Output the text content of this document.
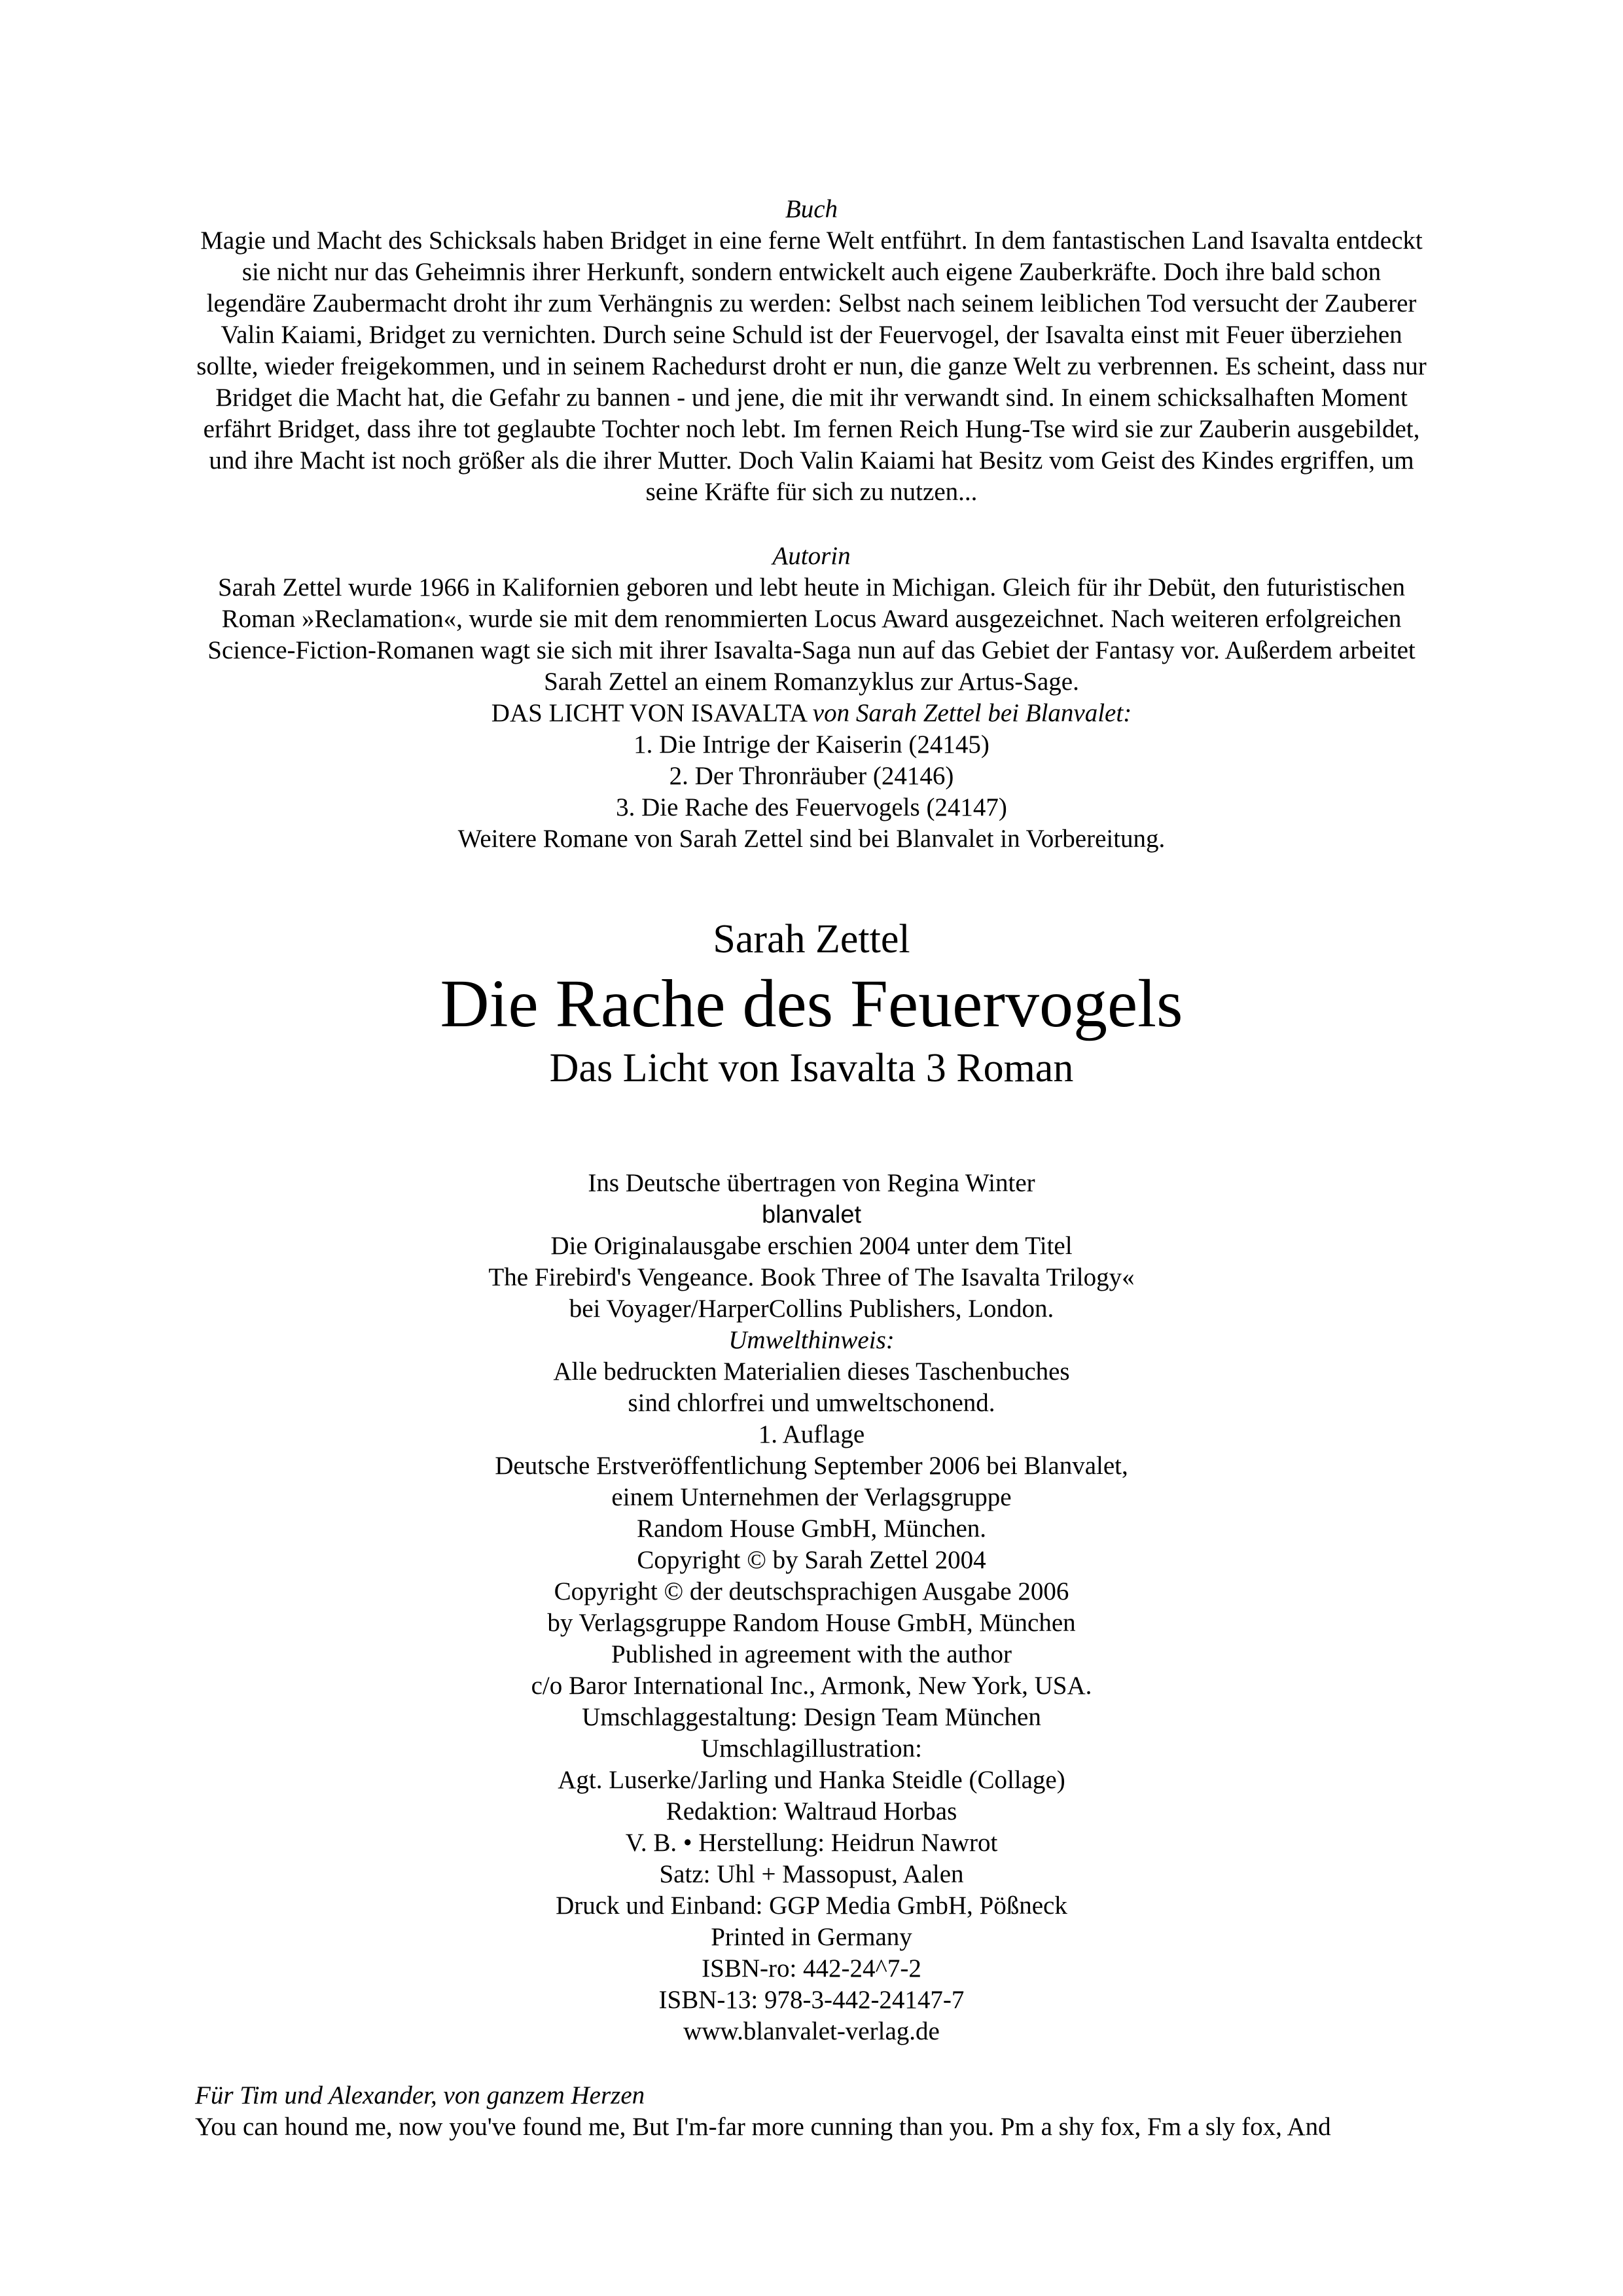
Buch

Magie und Macht des Schicksals haben Bridget in eine ferne Welt entführt. In dem fantastischen Land Isavalta entdeckt sie nicht nur das Geheimnis ihrer Herkunft, sondern entwickelt auch eigene Zauberkräfte. Doch ihre bald schon legendäre Zaubermacht droht ihr zum Verhängnis zu werden: Selbst nach seinem leiblichen Tod versucht der Zauberer Valin Kaiami, Bridget zu vernichten. Durch seine Schuld ist der Feuervogel, der Isavalta einst mit Feuer überziehen sollte, wieder freigekommen, und in seinem Rachedurst droht er nun, die ganze Welt zu verbrennen. Es scheint, dass nur Bridget die Macht hat, die Gefahr zu bannen - und jene, die mit ihr verwandt sind. In einem schicksalhaften Moment erfährt Bridget, dass ihre tot geglaubte Tochter noch lebt. Im fernen Reich Hung-Tse wird sie zur Zauberin ausgebildet, und ihre Macht ist noch größer als die ihrer Mutter. Doch Valin Kaiami hat Besitz vom Geist des Kindes ergriffen, um seine Kräfte für sich zu nutzen...

Autorin

Sarah Zettel wurde 1966 in Kalifornien geboren und lebt heute in Michigan. Gleich für ihr Debüt, den futuristischen Roman »Reclamation«, wurde sie mit dem renommierten Locus Award ausgezeichnet. Nach weiteren erfolgreichen Science-Fiction-Romanen wagt sie sich mit ihrer Isavalta-Saga nun auf das Gebiet der Fantasy vor. Außerdem arbeitet Sarah Zettel an einem Romanzyklus zur Artus-Sage.

DAS LICHT VON ISAVALTA von Sarah Zettel bei Blanvalet:
1. Die Intrige der Kaiserin (24145)
2. Der Thronräuber (24146)
3. Die Rache des Feuervogels (24147)
Weitere Romane von Sarah Zettel sind bei Blanvalet in Vorbereitung.
Sarah Zettel
Die Rache des Feuervogels
Das Licht von Isavalta 3 Roman
Ins Deutsche übertragen von Regina Winter
blanvalet
Die Originalausgabe erschien 2004 unter dem Titel
The Firebird's Vengeance. Book Three of The Isavalta Trilogy«
bei Voyager/HarperCollins Publishers, London.
Umwelthinweis:
Alle bedruckten Materialien dieses Taschenbuches
sind chlorfrei und umweltschonend.
1. Auflage
Deutsche Erstveröffentlichung September 2006 bei Blanvalet,
einem Unternehmen der Verlagsgruppe
Random House GmbH, München.
Copyright © by Sarah Zettel 2004
Copyright © der deutschsprachigen Ausgabe 2006
by Verlagsgruppe Random House GmbH, München
Published in agreement with the author
c/o Baror International Inc., Armonk, New York, USA.
Umschlaggestaltung: Design Team München
Umschlagillustration:
Agt. Luserke/Jarling und Hanka Steidle (Collage)
Redaktion: Waltraud Horbas
V. B. • Herstellung: Heidrun Nawrot
Satz: Uhl + Massopust, Aalen
Druck und Einband: GGP Media GmbH, Pößneck
Printed in Germany
ISBN-ro: 442-24^7-2
ISBN-13: 978-3-442-24147-7
www.blanvalet-verlag.de
Für Tim und Alexander, von ganzem Herzen
You can hound me, now you've found me, But I'm-far more cunning than you. Pm a shy fox, Fm a sly fox, And
